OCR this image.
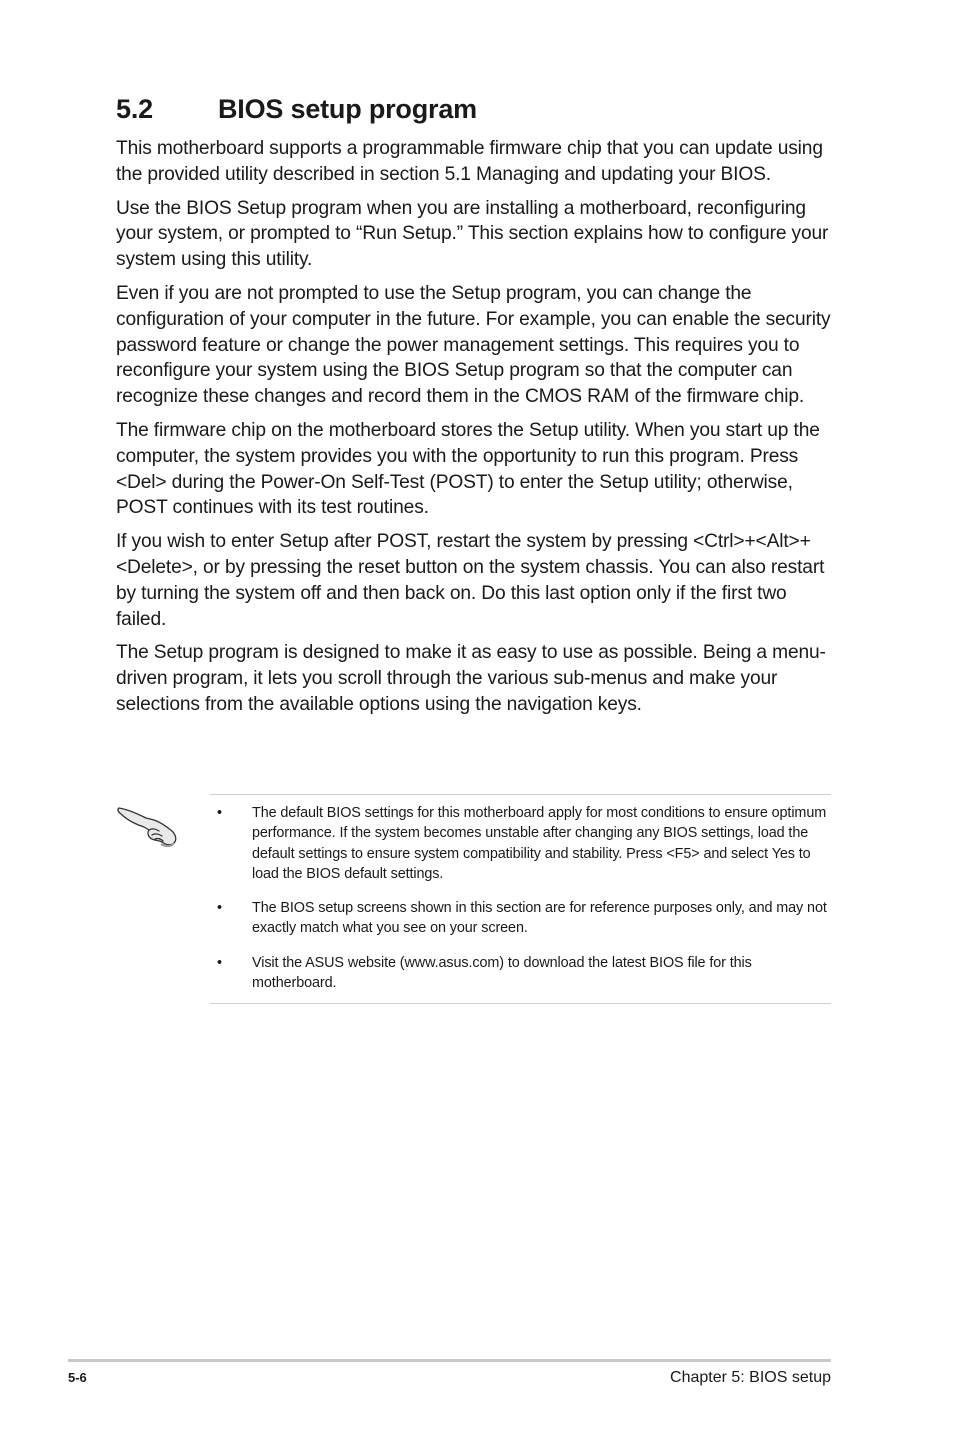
5.2 BIOS setup program

This motherboard supports a programmable firmware chip that you can update using the provided utility described in section 5.1 Managing and updating your BIOS.

Use the BIOS Setup program when you are installing a motherboard, reconfiguring your system, or prompted to “Run Setup.” This section explains how to configure your system using this utility.

Even if you are not prompted to use the Setup program, you can change the configuration of your computer in the future. For example, you can enable the security password feature or change the power management settings. This requires you to reconfigure your system using the BIOS Setup program so that the computer can recognize these changes and record them in the CMOS RAM of the firmware chip.

The firmware chip on the motherboard stores the Setup utility. When you start up the computer, the system provides you with the opportunity to run this program. Press <Del> during the Power-On Self-Test (POST) to enter the Setup utility; otherwise, POST continues with its test routines.

If you wish to enter Setup after POST, restart the system by pressing <Ctrl>+<Alt>+<Delete>, or by pressing the reset button on the system chassis. You can also restart by turning the system off and then back on. Do this last option only if the first two failed.

The Setup program is designed to make it as easy to use as possible. Being a menu-driven program, it lets you scroll through the various sub-menus and make your selections from the available options using the navigation keys.

• The default BIOS settings for this motherboard apply for most conditions to ensure optimum performance. If the system becomes unstable after changing any BIOS settings, load the default settings to ensure system compatibility and stability. Press <F5> and select Yes to load the BIOS default settings.
• The BIOS setup screens shown in this section are for reference purposes only, and may not exactly match what you see on your screen.
• Visit the ASUS website (www.asus.com) to download the latest BIOS file for this motherboard.
5-6	Chapter 5: BIOS setup
